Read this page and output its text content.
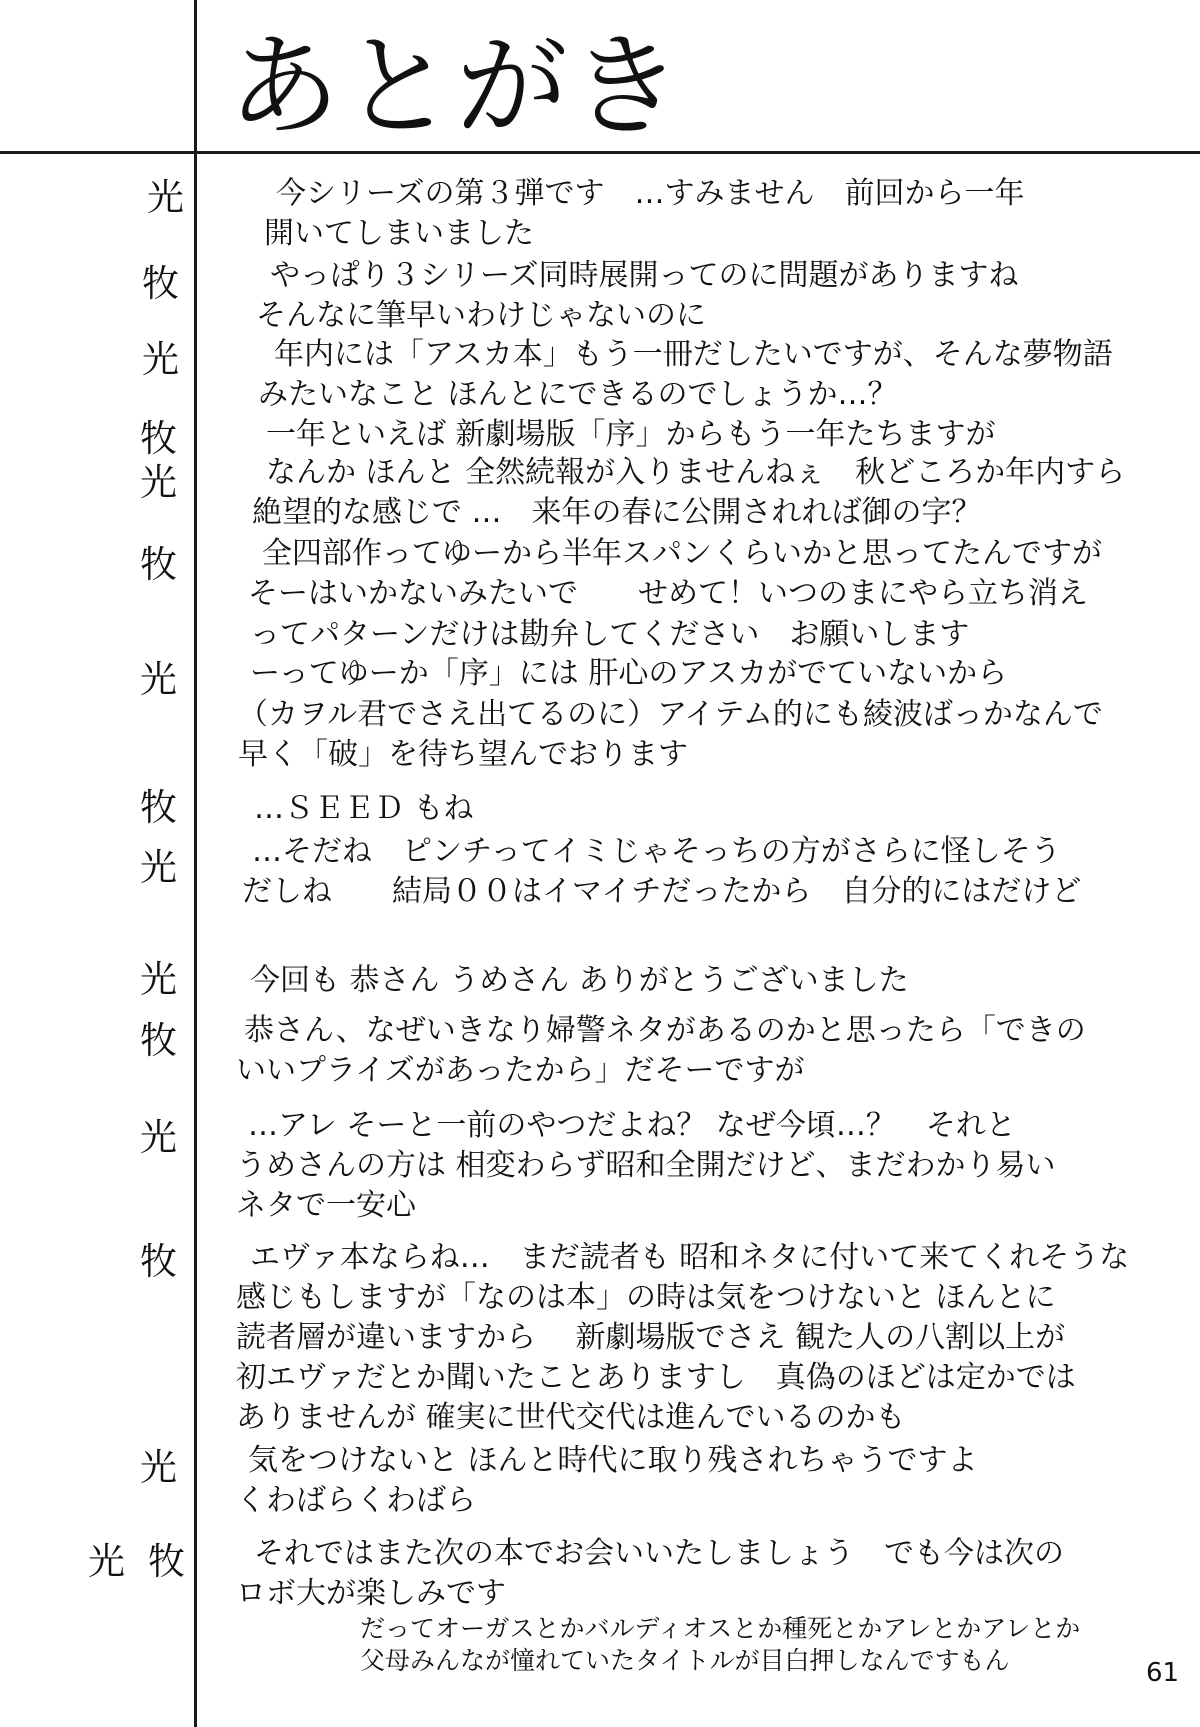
あとがき
光
牧
光
牧
光
牧
光
牧
光
光
牧
光
牧
光
光 牧
今シリーズの第３弾です　…すみません　前回から一年
開いてしまいました
やっぱり３シリーズ同時展開ってのに問題がありますね
そんなに筆早いわけじゃないのに
年内には「アスカ本」もう一冊だしたいですが、そんな夢物語
みたいなこと ほんとにできるのでしょうか…？
一年といえば 新劇場版「序」からもう一年たちますが
なんか ほんと 全然続報が入りませんねぇ　秋どころか年内すら
絶望的な感じで …　来年の春に公開されれば御の字？
全四部作ってゆーから半年スパンくらいかと思ってたんですが
そーはいかないみたいで　　せめて！いつのまにやら立ち消え
ってパターンだけは勘弁してください　お願いします
ーってゆーか「序」には 肝心のアスカがでていないから
（カヲル君でさえ出てるのに）アイテム的にも綾波ばっかなんで
早く「破」を待ち望んでおります
…ＳＥＥＤ もね
…そだね　ピンチってイミじゃそっちの方がさらに怪しそう
だしね　　結局００はイマイチだったから　自分的にはだけど
今回も 恭さん うめさん ありがとうございました
恭さん、なぜいきなり婦警ネタがあるのかと思ったら「できの
いいプライズがあったから」だそーですが
…アレ そーと一前のやつだよね？ なぜ今頃…？　それと
うめさんの方は 相変わらず昭和全開だけど、まだわかり易い
ネタで一安心
エヴァ本ならね…　まだ読者も 昭和ネタに付いて来てくれそうな
感じもしますが「なのは本」の時は気をつけないと ほんとに
読者層が違いますから　 新劇場版でさえ 観た人の八割以上が
初エヴァだとか聞いたことありますし　真偽のほどは定かでは
ありませんが 確実に世代交代は進んでいるのかも
気をつけないと ほんと時代に取り残されちゃうですよ
くわばらくわばら
それではまた次の本でお会いいたしましょう　でも今は次の
ロボ大が楽しみです
だってオーガスとかバルディオスとか種死とかアレとかアレとか
父母みんなが憧れていたタイトルが目白押しなんですもん	61
